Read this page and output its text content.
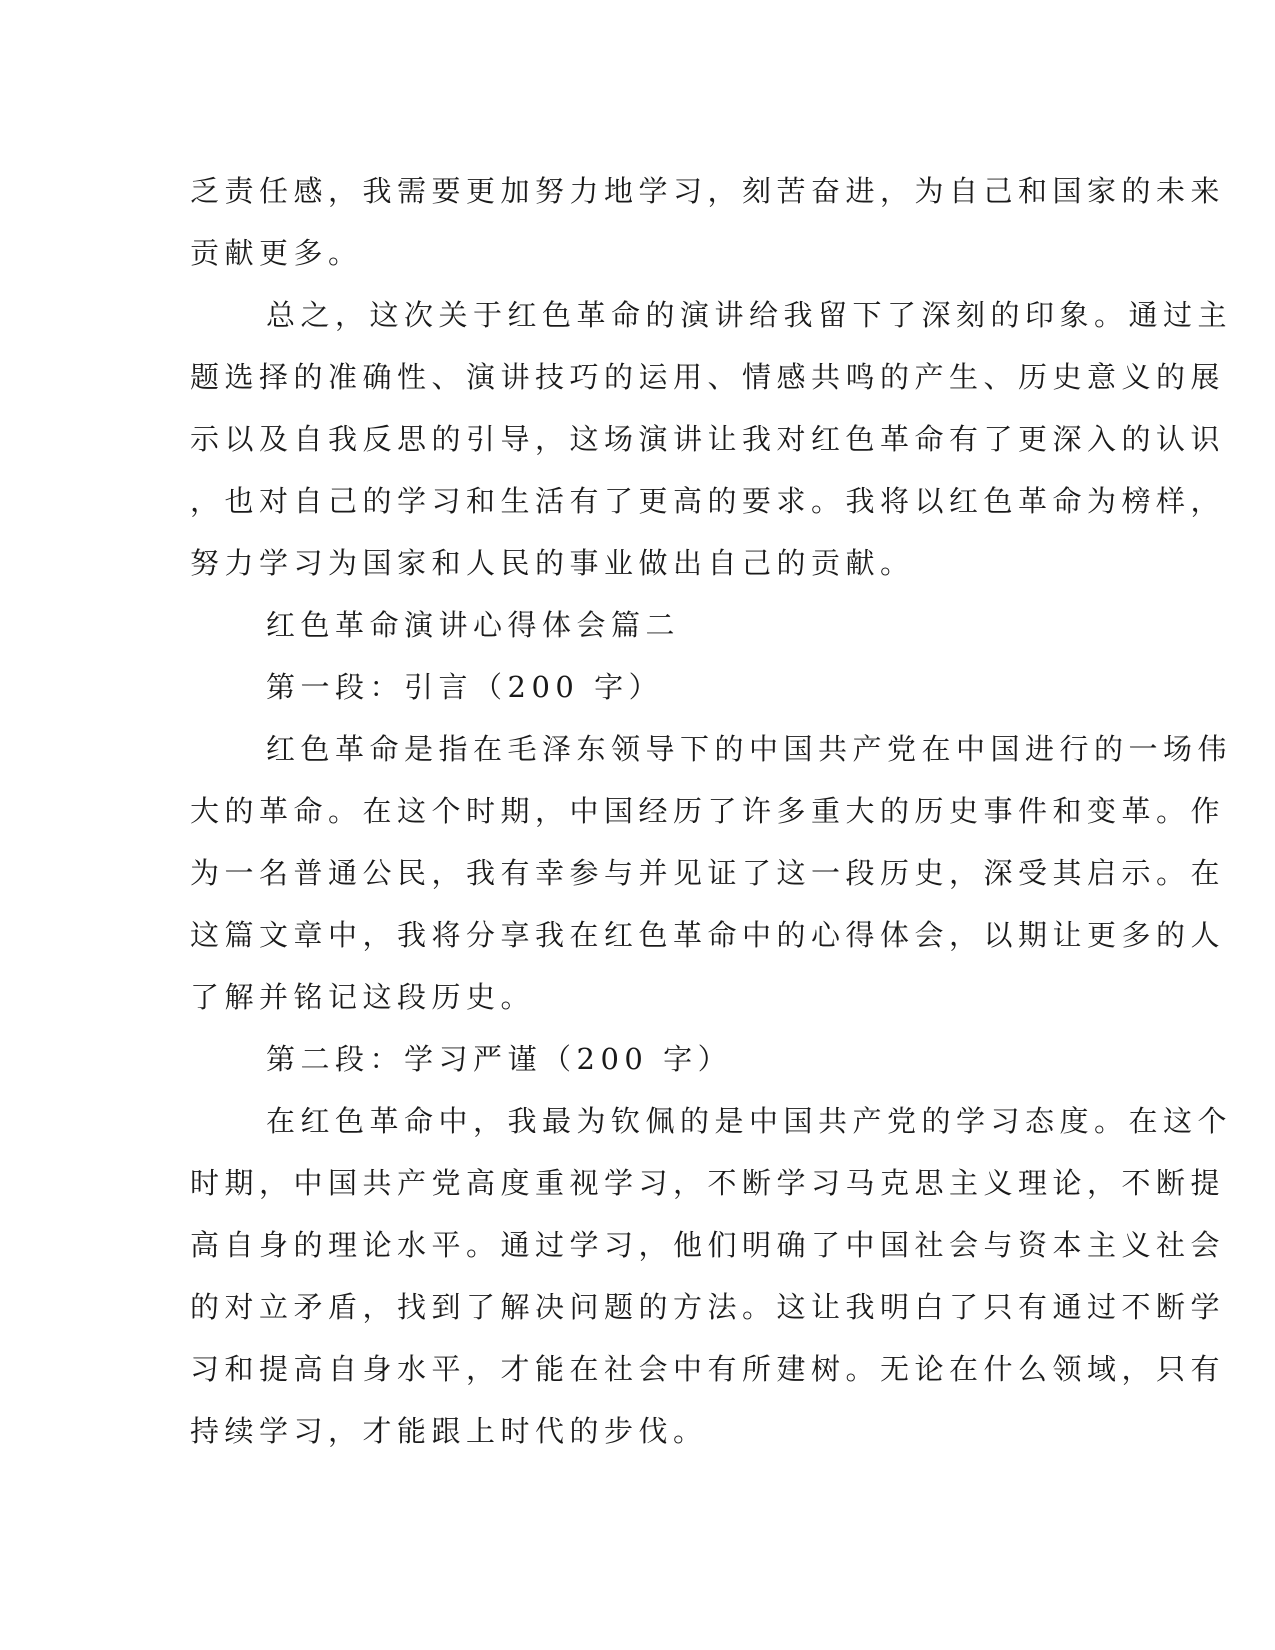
乏责任感，我需要更加努力地学习，刻苦奋进，为自己和国家的未来
贡献更多。

总之，这次关于红色革命的演讲给我留下了深刻的印象。通过主
题选择的准确性、演讲技巧的运用、情感共鸣的产生、历史意义的展
示以及自我反思的引导，这场演讲让我对红色革命有了更深入的认识
，也对自己的学习和生活有了更高的要求。我将以红色革命为榜样，
努力学习为国家和人民的事业做出自己的贡献。

红色革命演讲心得体会篇二

第一段：引言（200 字）

红色革命是指在毛泽东领导下的中国共产党在中国进行的一场伟
大的革命。在这个时期，中国经历了许多重大的历史事件和变革。作
为一名普通公民，我有幸参与并见证了这一段历史，深受其启示。在
这篇文章中，我将分享我在红色革命中的心得体会，以期让更多的人
了解并铭记这段历史。

第二段：学习严谨（200 字）

在红色革命中，我最为钦佩的是中国共产党的学习态度。在这个
时期，中国共产党高度重视学习，不断学习马克思主义理论，不断提
高自身的理论水平。通过学习，他们明确了中国社会与资本主义社会
的对立矛盾，找到了解决问题的方法。这让我明白了只有通过不断学
习和提高自身水平，才能在社会中有所建树。无论在什么领域，只有
持续学习，才能跟上时代的步伐。
